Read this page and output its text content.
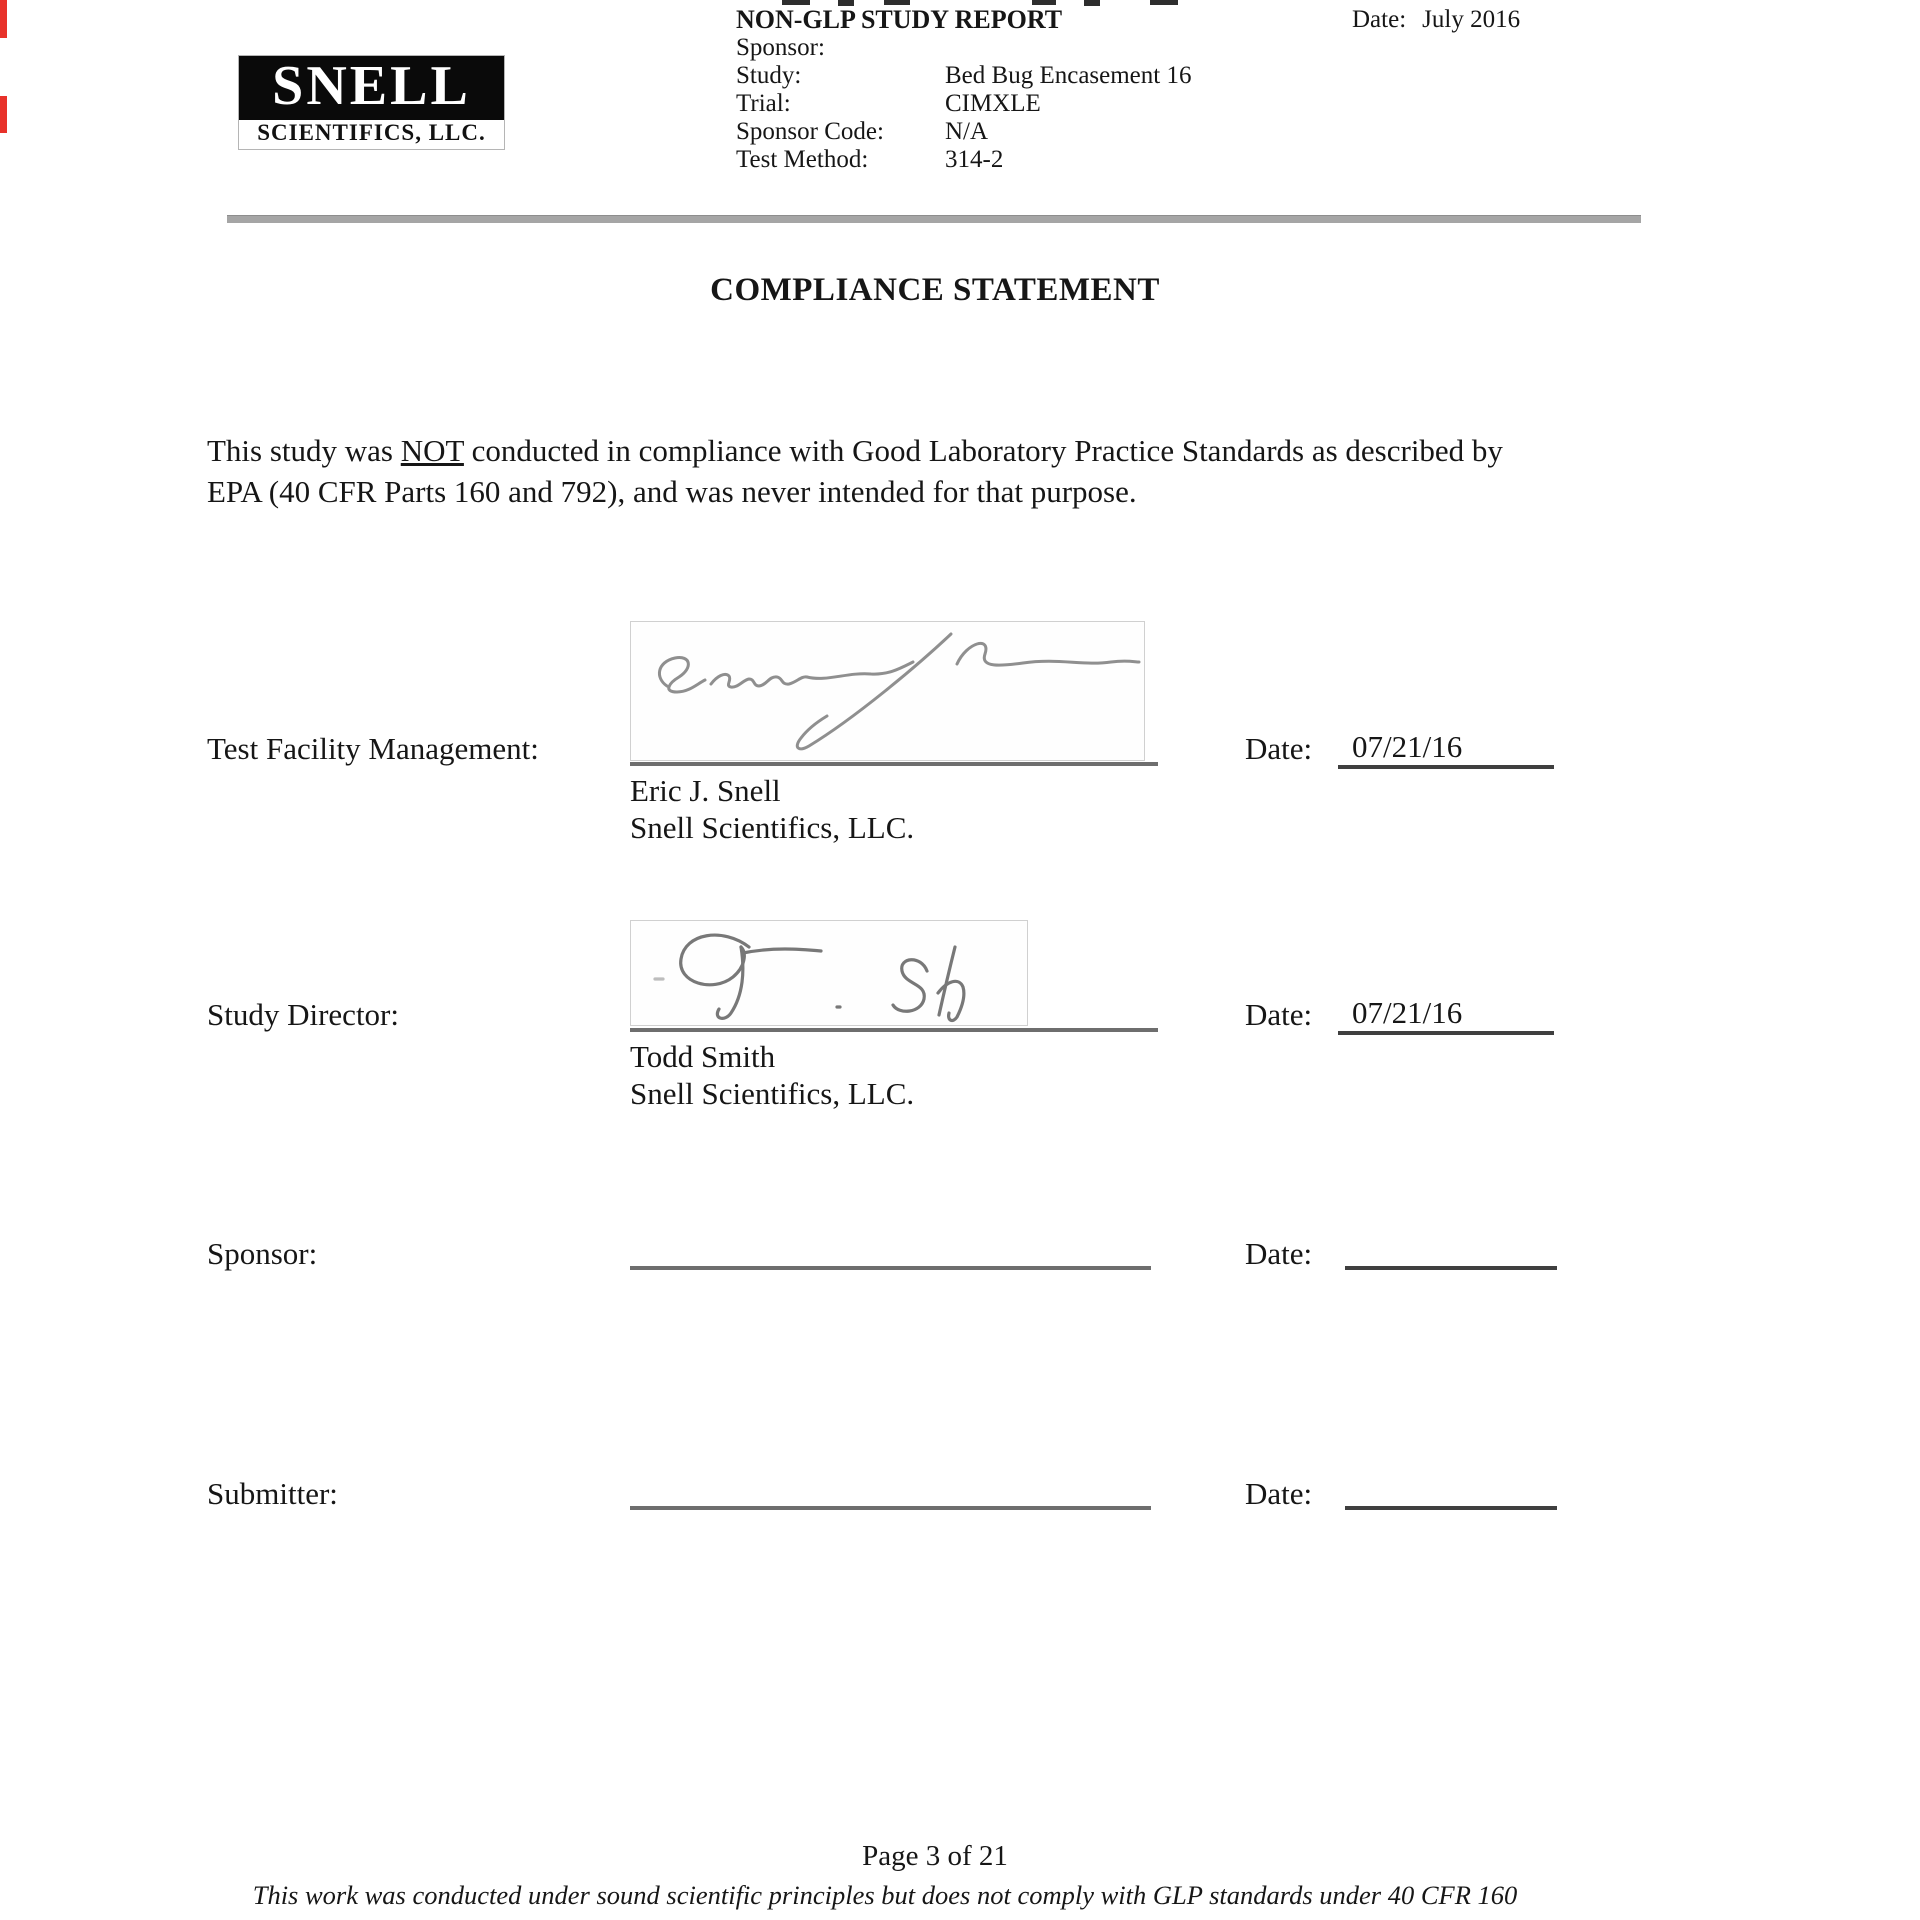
SNELL
SCIENTIFICS, LLC.
NON-GLP STUDY REPORT
Sponsor:
Study:	Bed Bug Encasement 16
Trial:	CIMXLE
Sponsor Code:	N/A
Test Method:	314-2
Date: July 2016
COMPLIANCE STATEMENT
This study was NOT conducted in compliance with Good Laboratory Practice Standards as described by
EPA (40 CFR Parts 160 and 792), and was never intended for that purpose.
Test Facility Management:	Date: 07/21/16
Eric J. Snell
Snell Scientifics, LLC.
Study Director:	Date: 07/21/16
Todd Smith
Snell Scientifics, LLC.
Sponsor:	Date:
Submitter:	Date:
Page 3 of 21
This work was conducted under sound scientific principles but does not comply with GLP standards under 40 CFR 160
